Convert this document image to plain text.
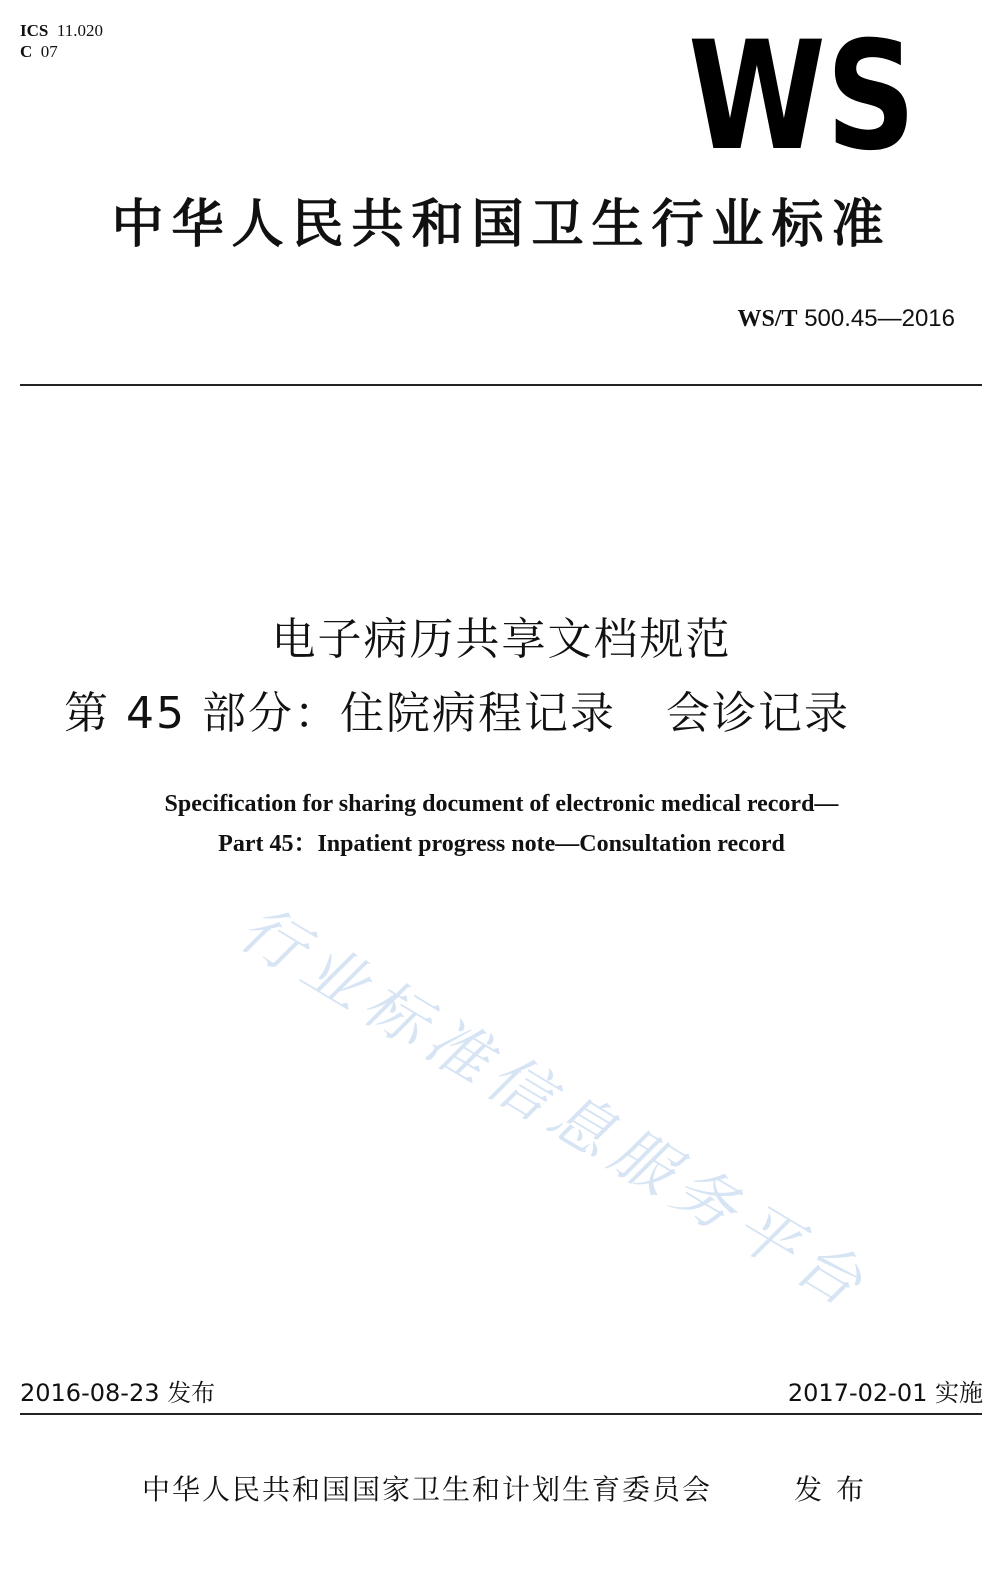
ICS 11.020
C 07	WS
中华人民共和国卫生行业标准
WS/T 500.45—2016
电子病历共享文档规范
第 45 部分：住院病程记录 会诊记录
Specification for sharing document of electronic medical record—
Part 45：Inpatient progress note—Consultation record
行业标准信息服务平台
2016-08-23 发布	2017-02-01 实施
中华人民共和国国家卫生和计划生育委员会	发布
